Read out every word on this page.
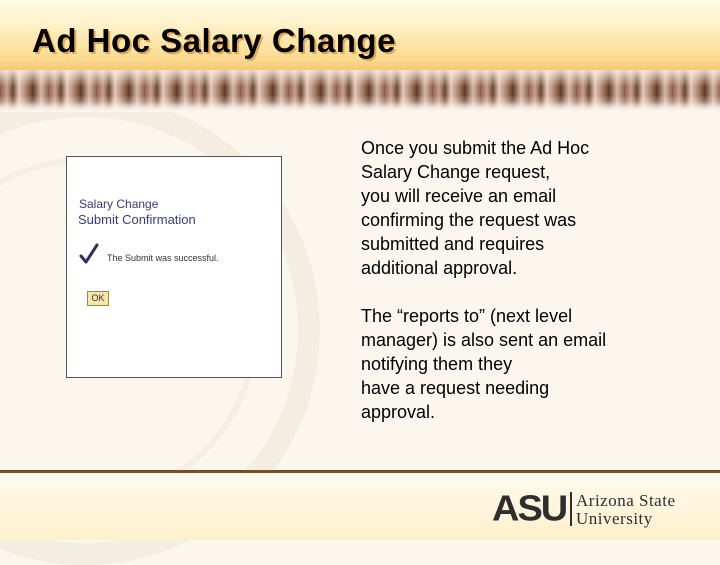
Ad Hoc Salary Change
Salary Change
Submit Confirmation
The Submit was successful.
OK

Once you submit the Ad Hoc
Salary Change request,
you will receive an email
confirming the request was
submitted and requires
additional approval.

The “reports to” (next level
manager) is also sent an email
notifying them they
have a request needing
approval.

ASU Arizona State
University
